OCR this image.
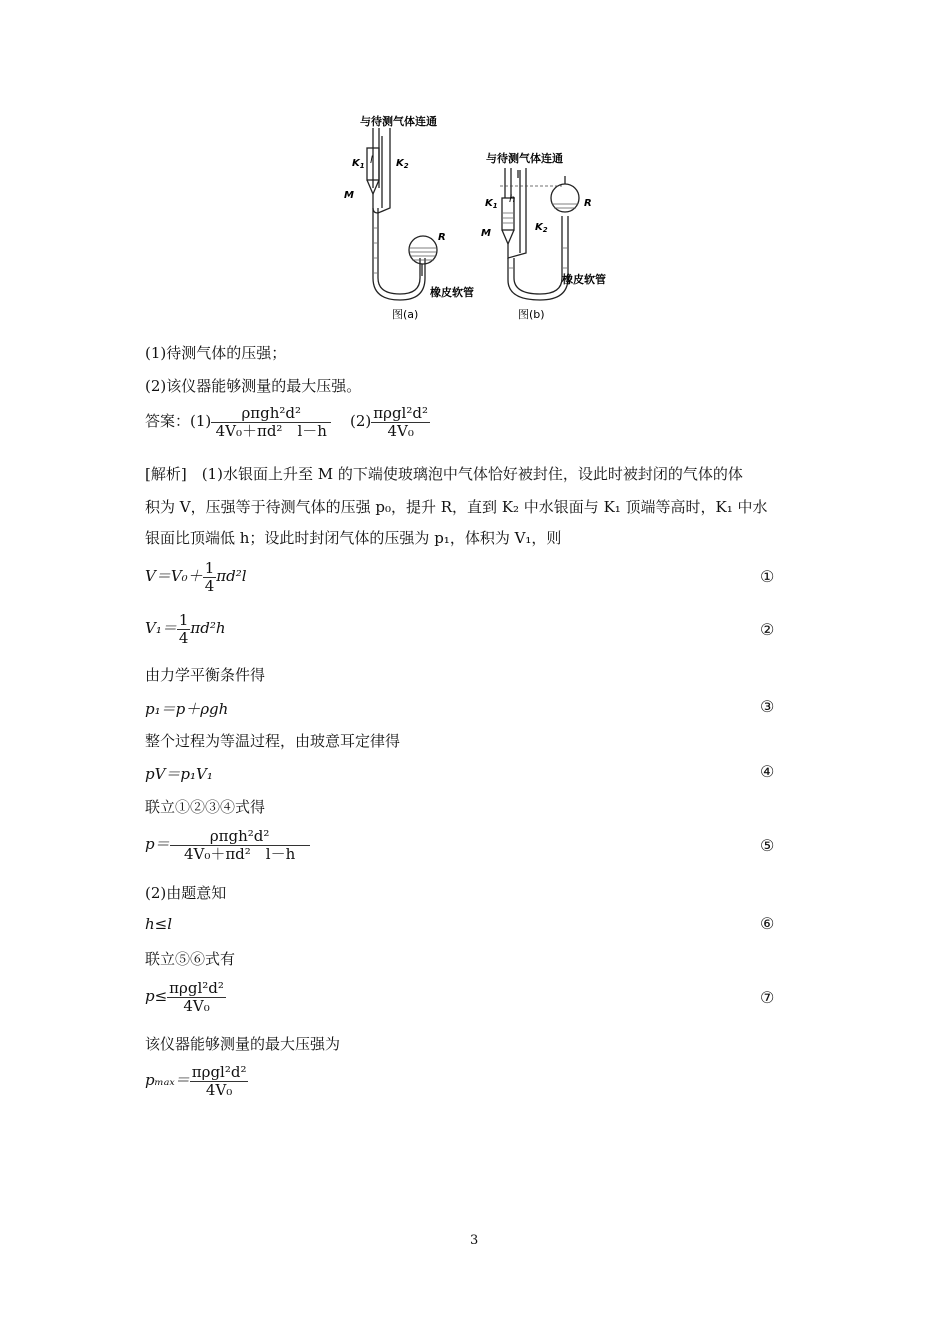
与待测气体连通
$K_1$ l $K_2$
M
R
橡皮软管
图(a)
与待测气体连通
$K_1$
h
$K_2$
M
R
橡皮软管
图(b)
(1)待测气体的压强；
(2)该仪器能够测量的最大压强。
答案：$(1) \frac{\text{ρπgh²d²}}{\text{4V₀＋πd²　l－h}} (2) \frac{\text{πρgl²d²}}{\text{4V₀}}$
[解析]　(1)水银面上升至 M 的下端使玻璃泡中气体恰好被封住，设此时被封闭的气体的体
积为 V，压强等于待测气体的压强 p₀，提升 R，直到 K₂ 中水银面与 K₁ 顶端等高时，K₁ 中水
银面比顶端低 h；设此时封闭气体的压强为 p₁，体积为 V₁，则
$V=V_0+ \frac{1}{4} \pi d^2l$	①
$V_1= \frac{1}{4} \pi d^2h$	②
由力学平衡条件得
p₁＝p＋ρgh	③
整个过程为等温过程，由玻意耳定律得
pV＝p₁V₁	④
联立①②③④式得
$p= \frac{\text{ρπgh²d²}}{\text{4V₀＋πd²　l－h}}$	⑤
(2)由题意知
h≤l	⑥
联立⑤⑥式有
$p\le \frac{\text{πρgl²d²}}{\text{4V₀}}$	⑦
该仪器能够测量的最大压强为
$p_{max}= \frac{\text{πρgl²d²}}{\text{4V₀}}$
3
